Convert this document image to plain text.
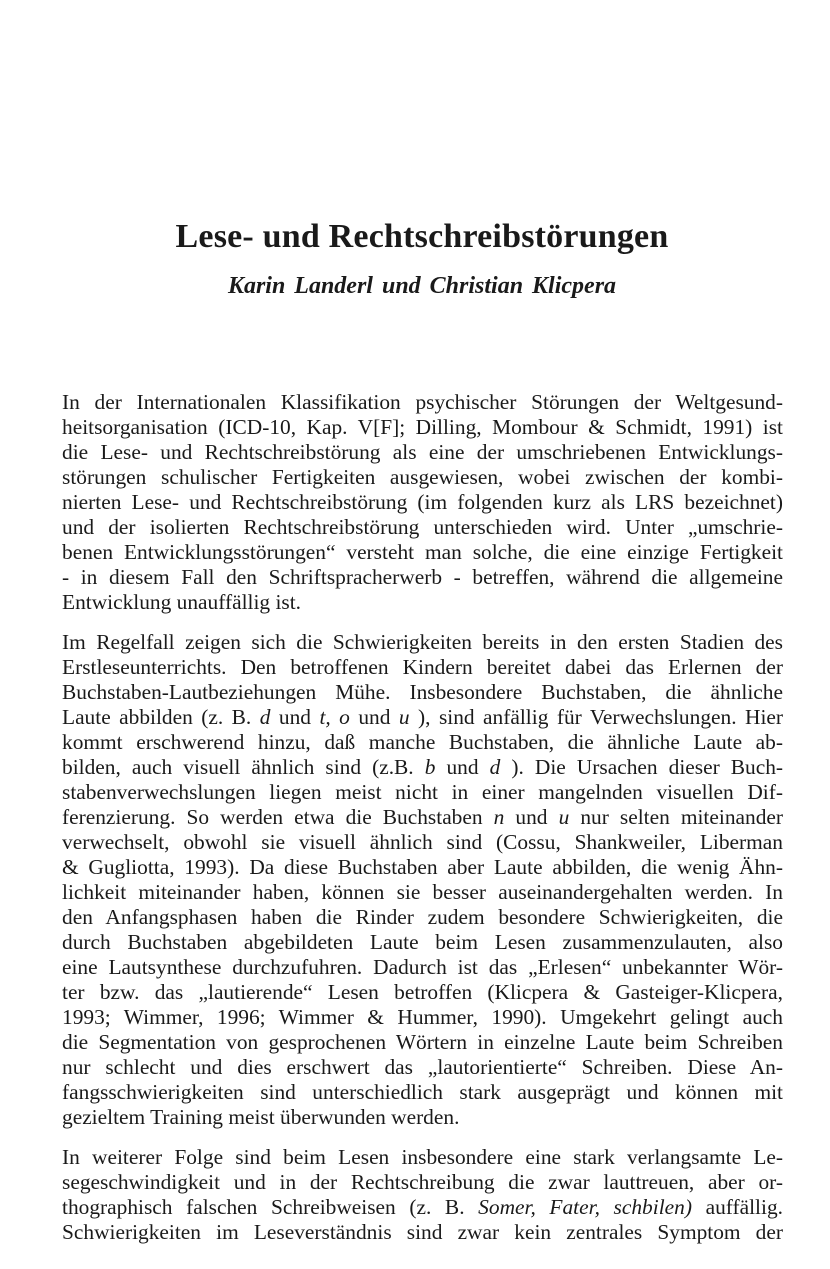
Lese- und Rechtschreibstörungen
Karin Landerl und Christian Klicpera
In der Internationalen Klassifikation psychischer Störungen der Weltgesund-
heitsorganisation (ICD-10, Kap. V[F]; Dilling, Mombour & Schmidt, 1991) ist
die Lese- und Rechtschreibstörung als eine der umschriebenen Entwicklungs-
störungen schulischer Fertigkeiten ausgewiesen, wobei zwischen der kombi-
nierten Lese- und Rechtschreibstörung (im folgenden kurz als LRS bezeichnet)
und der isolierten Rechtschreibstörung unterschieden wird. Unter „umschrie-
benen Entwicklungsstörungen“ versteht man solche, die eine einzige Fertigkeit
- in diesem Fall den Schriftspracherwerb - betreffen, während die allgemeine
Entwicklung unauffällig ist.
Im Regelfall zeigen sich die Schwierigkeiten bereits in den ersten Stadien des
Erstleseunterrichts. Den betroffenen Kindern bereitet dabei das Erlernen der
Buchstaben-Lautbeziehungen Mühe. Insbesondere Buchstaben, die ähnliche
Laute abbilden (z. B. d und t, o und u ), sind anfällig für Verwechslungen. Hier
kommt erschwerend hinzu, daß manche Buchstaben, die ähnliche Laute ab-
bilden, auch visuell ähnlich sind (z.B. b und d ). Die Ursachen dieser Buch-
stabenverwechslungen liegen meist nicht in einer mangelnden visuellen Dif-
ferenzierung. So werden etwa die Buchstaben n und u nur selten miteinander
verwechselt, obwohl sie visuell ähnlich sind (Cossu, Shankweiler, Liberman
& Gugliotta, 1993). Da diese Buchstaben aber Laute abbilden, die wenig Ähn-
lichkeit miteinander haben, können sie besser auseinandergehalten werden. In
den Anfangsphasen haben die Rinder zudem besondere Schwierigkeiten, die
durch Buchstaben abgebildeten Laute beim Lesen zusammenzulauten, also
eine Lautsynthese durchzufuhren. Dadurch ist das „Erlesen“ unbekannter Wör-
ter bzw. das „lautierende“ Lesen betroffen (Klicpera & Gasteiger-Klicpera,
1993; Wimmer, 1996; Wimmer & Hummer, 1990). Umgekehrt gelingt auch
die Segmentation von gesprochenen Wörtern in einzelne Laute beim Schreiben
nur schlecht und dies erschwert das „lautorientierte“ Schreiben. Diese An-
fangsschwierigkeiten sind unterschiedlich stark ausgeprägt und können mit
gezieltem Training meist überwunden werden.
In weiterer Folge sind beim Lesen insbesondere eine stark verlangsamte Le-
segeschwindigkeit und in der Rechtschreibung die zwar lauttreuen, aber or-
thographisch falschen Schreibweisen (z. B. Somer, Fater, schbilen) auffällig.
Schwierigkeiten im Leseverständnis sind zwar kein zentrales Symptom der
